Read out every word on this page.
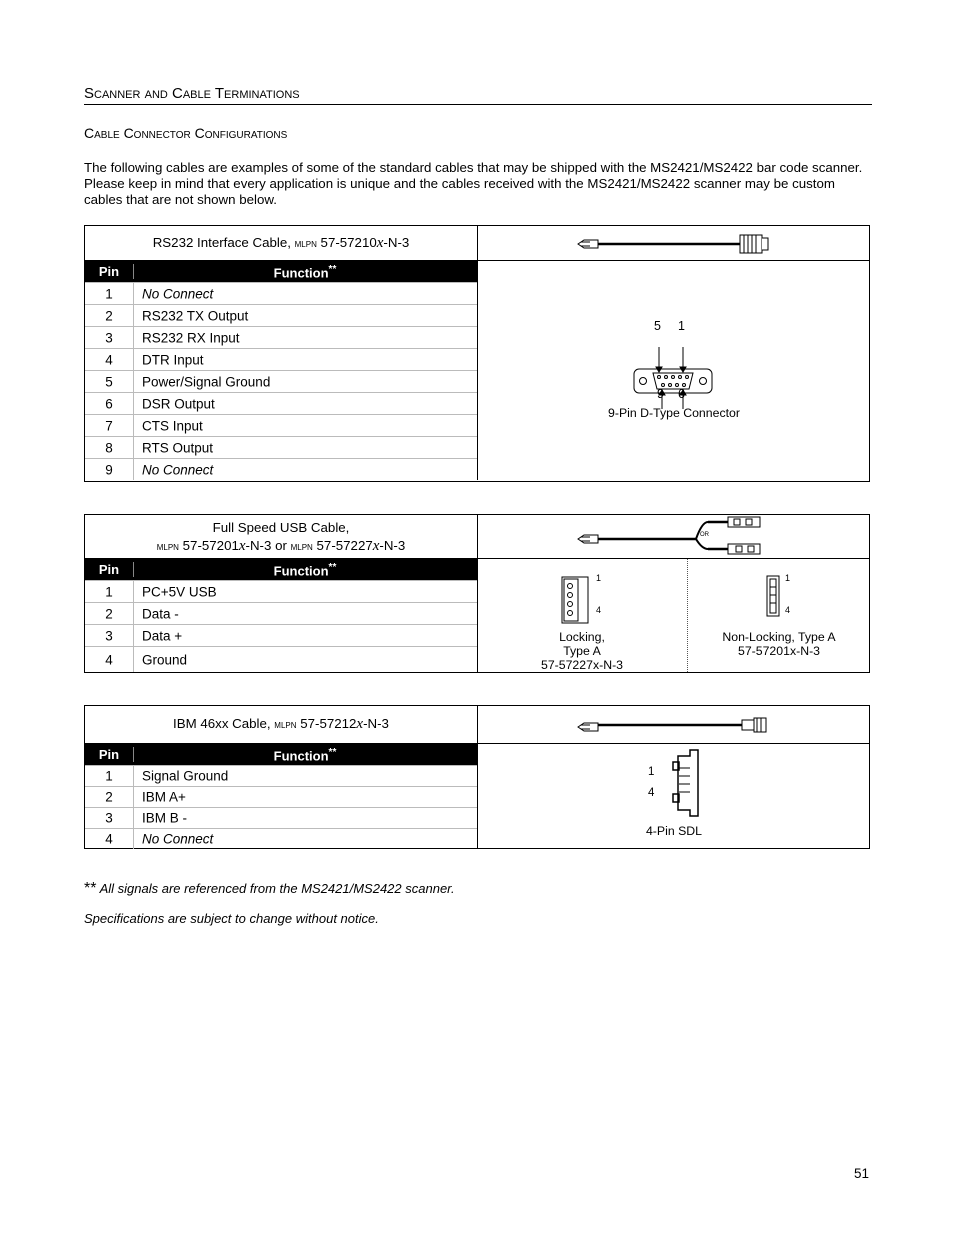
Scanner and Cable Terminations
Cable Connector Configurations
The following cables are examples of some of the standard cables that may be shipped with the MS2421/MS2422 bar code scanner. Please keep in mind that every application is unique and the cables received with the MS2421/MS2422 scanner may be custom cables that are not shown below.
RS232 Interface Cable, mlpn 57-57210x-N-3
Pin	Function**
1	No Connect
2	RS232 TX Output
3	RS232 RX Input
4	DTR Input
5	Power/Signal Ground
6	DSR Output
7	CTS Input
8	RTS Output
9	No Connect
5 1
9 6
9-Pin D-Type Connector
Full Speed USB Cable,
mlpn 57-57201x-N-3 or mlpn 57-57227x-N-3
OR
Pin	Function**
1	PC+5V USB
2	Data -
3	Data +
4	Ground
1
4
1
4
Locking,
Type A
57-57227x-N-3
Non-Locking, Type A
57-57201x-N-3
IBM 46xx Cable, mlpn 57-57212x-N-3
Pin	Function**
1	Signal Ground
2	IBM A+
3	IBM B -
4	No Connect
1
4
4-Pin SDL
** All signals are referenced from the MS2421/MS2422 scanner.
Specifications are subject to change without notice.
51
